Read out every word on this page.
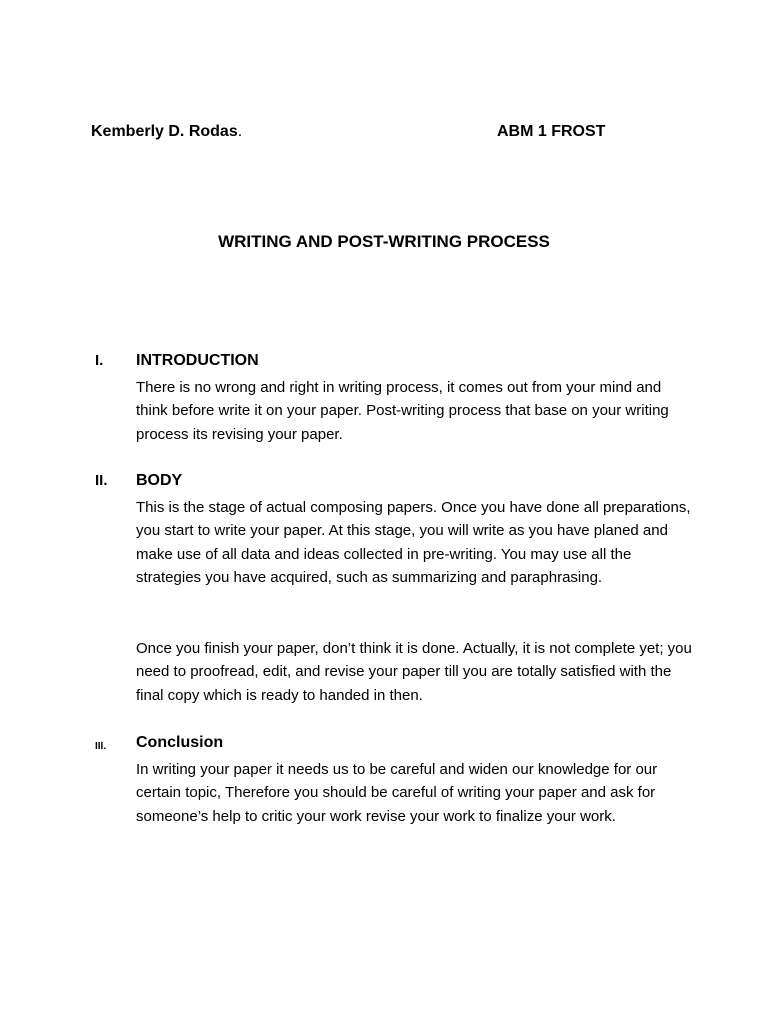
Kemberly D. Rodas.	ABM 1 FROST
WRITING AND POST-WRITING PROCESS
I.	INTRODUCTION

There is no wrong and right in writing process, it comes out from your mind and think before write it on your paper. Post-writing process that base on your writing process its revising your paper.

II.	BODY

This is the stage of actual composing papers. Once you have done all preparations, you start to write your paper. At this stage, you will write as you have planed and make use of all data and ideas collected in pre-writing. You may use all the strategies you have acquired, such as summarizing and paraphrasing.

Once you finish your paper, don’t think it is done. Actually, it is not complete yet; you need to proofread, edit, and revise your paper till you are totally satisfied with the final copy which is ready to handed in then.

III.	Conclusion

In writing your paper it needs us to be careful and widen our knowledge for our certain topic, Therefore you should be careful of writing your paper and ask for someone’s help to critic your work revise your work to finalize your work.
